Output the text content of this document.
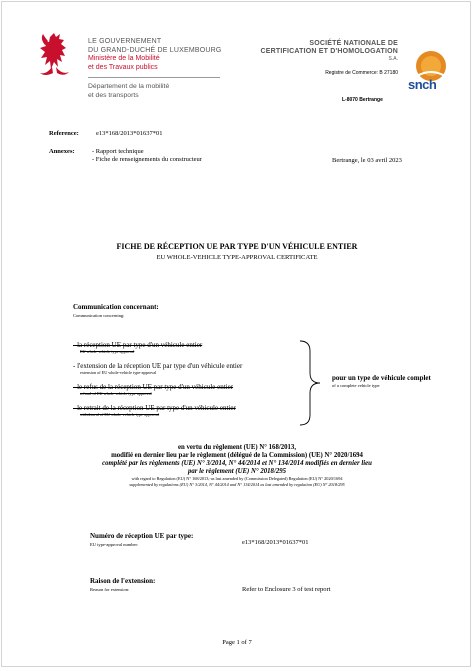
LE GOUVERNEMENT
DU GRAND-DUCHÉ DE LUXEMBOURG
Ministère de la Mobilité
et des Travaux publics
Département de la mobilité
et des transports
SOCIÉTÉ NATIONALE DE
CERTIFICATION ET D'HOMOLOGATION
S.A.
Registre de Commerce: B 27180
snch
L-8070 Bertrange
Reference:	e13*168/2013*01637*01
Annexes:	- Rapport technique
- Fiche de renseignements du constructeur	Bertrange, le 03 avril 2023
FICHE DE RÉCEPTION UE PAR TYPE D'UN VÉHICULE ENTIER
EU WHOLE-VEHICLE TYPE-APPROVAL CERTIFICATE
Communication concernant:
Communication concerning:
- la réception UE par type d'un véhicule entier
EU whole-vehicle type approval
- l'extension de la réception UE par type d'un véhicule entier
extension of EU whole-vehicle type-approval
- le refus de la réception UE par type d'un véhicule entier
refusal of EU whole-vehicle type-approval
- le retrait de la réception UE par type d'un véhicule entier
withdrawal of EU whole-vehicle type-approval
pour un type de véhicule complet
of a complete vehicle type
en vertu du règlement (UE) N° 168/2013,
modifié en dernier lieu par le règlement (délégué de la Commission) (UE) N° 2020/1694
complété par les règlements (UE) N° 3/2014, N° 44/2014 et N° 134/2014 modifiés en dernier lieu
par le règlement (UE) N° 2018/295
with regard to Regulation (EU) N° 168/2013,-as last amended by (Commission Delegated) Regulation (EU) N° 2020/1694
supplemented by regulations (EU) N° 3/2014, N° 44/2014 and N° 134/2014 as last amended by regulation (EU) N° 2018/295
Numéro de réception UE par type:
EU type-approval number:	e13*168/2013*01637*01
Raison de l'extension:
Reason for extension:	Refer to Enclosure 3 of test report
Page 1 of 7
